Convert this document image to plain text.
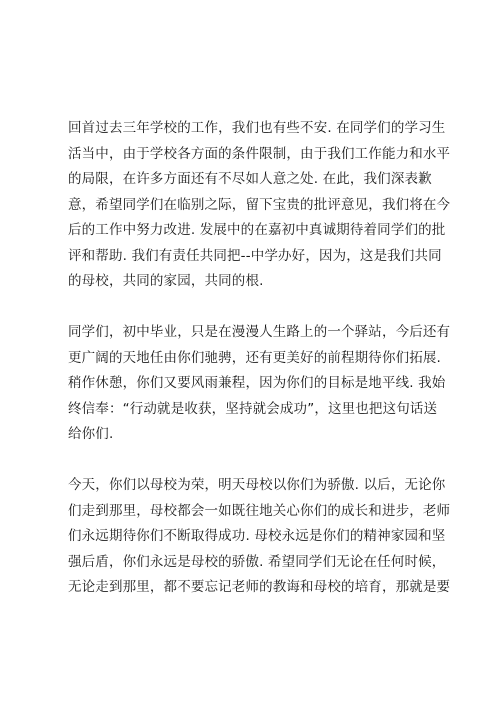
回首过去三年学校的工作，我们也有些不安. 在同学们的学习生
活当中，由于学校各方面的条件限制，由于我们工作能力和水平
的局限，在许多方面还有不尽如人意之处. 在此，我们深表歉
意，希望同学们在临别之际，留下宝贵的批评意见，我们将在今
后的工作中努力改进. 发展中的在嘉初中真诚期待着同学们的批
评和帮助. 我们有责任共同把--中学办好，因为，这是我们共同
的母校，共同的家园，共同的根.
同学们，初中毕业，只是在漫漫人生路上的一个驿站，今后还有
更广阔的天地任由你们驰骋，还有更美好的前程期待你们拓展.
稍作休憩，你们又要风雨兼程，因为你们的目标是地平线. 我始
终信奉：“行动就是收获，坚持就会成功”，这里也把这句话送
给你们.
今天，你们以母校为荣，明天母校以你们为骄傲. 以后，无论你
们走到那里，母校都会一如既往地关心你们的成长和进步，老师
们永远期待你们不断取得成功. 母校永远是你们的精神家园和坚
强后盾，你们永远是母校的骄傲. 希望同学们无论在任何时候，
无论走到那里，都不要忘记老师的教诲和母校的培育，那就是要
